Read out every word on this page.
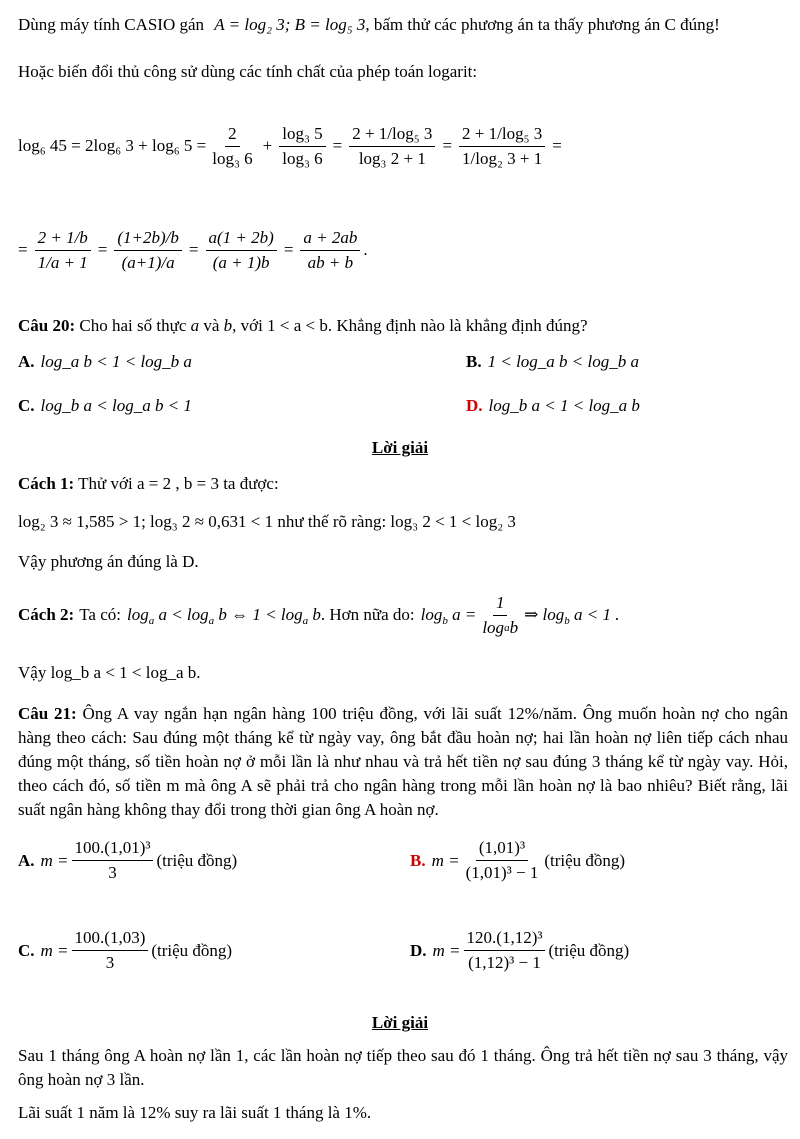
Dùng máy tính CASIO gán A = log₂ 3; B = log₅ 3, bấm thử các phương án ta thấy phương án C đúng!
Hoặc biến đổi thủ công sử dùng các tính chất của phép toán logarit:
log₆ 45 = 2log₆ 3 + log₆ $5 = \frac{2}{\text{log₃ 6}} + \frac{\text{log₃ 5}}{\text{log₃ 6}} = \frac{\text{2 + 1/log₅ 3}}{\text{log₃ 2 + 1}} = \frac{\text{2 + 1/log₅ 3}}{\text{1/log₂ 3 + 1}}$ =
= $\frac{2 + 1/b}{1/a + 1} = \frac{(1+2b)/b}{(a+1)/a} = \frac{a(1 + 2b)}{(a + 1)b} = \frac{a + 2ab}{ab + b}$ .
Câu 20: Cho hai số thực a và b, với 1 < a < b. Khẳng định nào là khẳng định đúng?
A. log_a b < 1 < log_b a	B. 1 < log_a b < log_b a
C. log_b a < log_a b < 1	D. log_b a < 1 < log_a b
Lời giải
Cách 1: Thử với a = 2 , b = 3 ta được:
log₂ 3 ≈ 1,585 > 1; log₃ 2 ≈ 0,631 < 1 như thế rõ ràng: log₃ 2 < 1 < log₂ 3
Vậy phương án đúng là D.
Cách 2: Ta có: $\log_a a < \log_a b$ ⇔ $1 < \log_a b$ . Hơn nữa do: $\log_b a = \frac{1}{\text{log a b}}$ ⇒ $\log_b a < 1$ .
Vậy log_b a < 1 < log_a b.
Câu 21: Ông A vay ngắn hạn ngân hàng 100 triệu đồng, với lãi suất 12%/năm. Ông muốn hoàn nợ cho ngân hàng theo cách: Sau đúng một tháng kể từ ngày vay, ông bắt đầu hoàn nợ; hai lần hoàn nợ liên tiếp cách nhau đúng một tháng, số tiền hoàn nợ ở mỗi lần là như nhau và trả hết tiền nợ sau đúng 3 tháng kể từ ngày vay. Hỏi, theo cách đó, số tiền m mà ông A sẽ phải trả cho ngân hàng trong mỗi lần hoàn nợ là bao nhiêu? Biết rằng, lãi suất ngân hàng không thay đổi trong thời gian ông A hoàn nợ.
A. $m = \frac{\text{100.(1,01)³}}{3}$ (triệu đồng)	B. $m = \frac{\text{(1,01)³}}{\text{(1,01)³ − 1}}$ (triệu đồng)
C. $m = \frac{100.(1,03)}{3}$ (triệu đồng)	D. $m = \frac{\text{120.(1,12)³}}{\text{(1,12)³ − 1}}$ (triệu đồng)
Lời giải
Sau 1 tháng ông A hoàn nợ lần 1, các lần hoàn nợ tiếp theo sau đó 1 tháng. Ông trả hết tiền nợ sau 3 tháng, vậy ông hoàn nợ 3 lần.
Lãi suất 1 năm là 12% suy ra lãi suất 1 tháng là 1%.
